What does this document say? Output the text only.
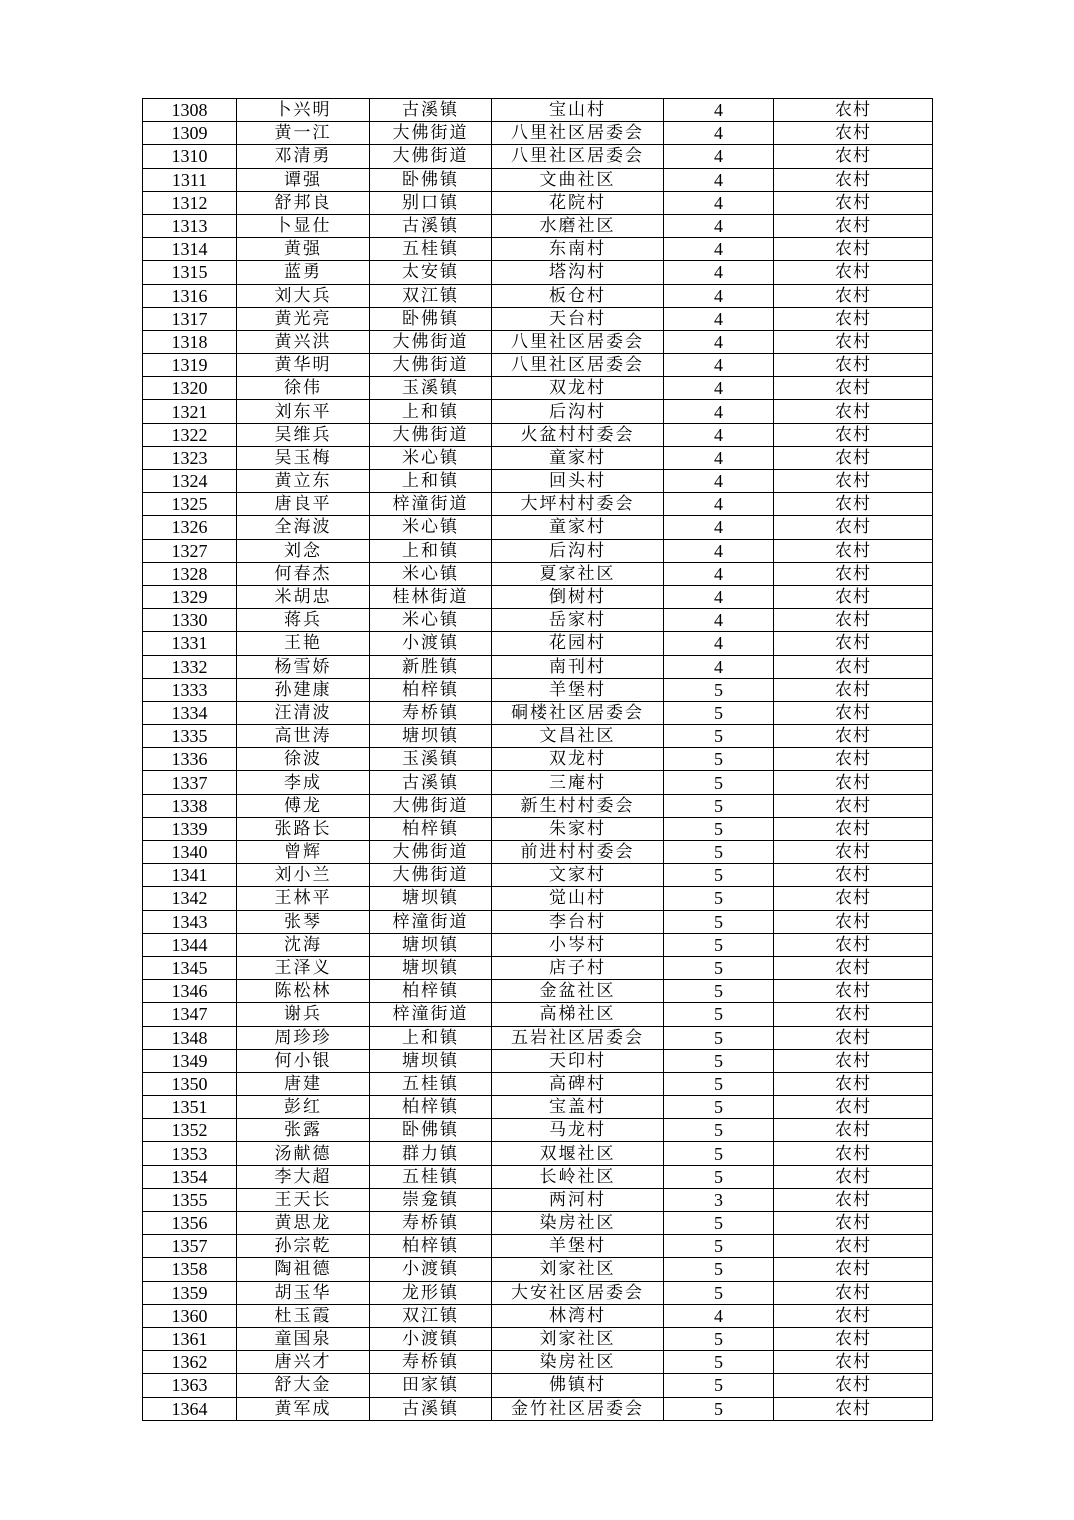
1308	卜兴明	古溪镇	宝山村	4	农村
1309	黄一江	大佛街道	八里社区居委会	4	农村
1310	邓清勇	大佛街道	八里社区居委会	4	农村
1311	谭强	卧佛镇	文曲社区	4	农村
1312	舒邦良	别口镇	花院村	4	农村
1313	卜显仕	古溪镇	水磨社区	4	农村
1314	黄强	五桂镇	东南村	4	农村
1315	蓝勇	太安镇	塔沟村	4	农村
1316	刘大兵	双江镇	板仓村	4	农村
1317	黄光亮	卧佛镇	天台村	4	农村
1318	黄兴洪	大佛街道	八里社区居委会	4	农村
1319	黄华明	大佛街道	八里社区居委会	4	农村
1320	徐伟	玉溪镇	双龙村	4	农村
1321	刘东平	上和镇	后沟村	4	农村
1322	吴维兵	大佛街道	火盆村村委会	4	农村
1323	吴玉梅	米心镇	童家村	4	农村
1324	黄立东	上和镇	回头村	4	农村
1325	唐良平	梓潼街道	大坪村村委会	4	农村
1326	全海波	米心镇	童家村	4	农村
1327	刘念	上和镇	后沟村	4	农村
1328	何春杰	米心镇	夏家社区	4	农村
1329	米胡忠	桂林街道	倒树村	4	农村
1330	蒋兵	米心镇	岳家村	4	农村
1331	王艳	小渡镇	花园村	4	农村
1332	杨雪娇	新胜镇	南刊村	4	农村
1333	孙建康	柏梓镇	羊堡村	5	农村
1334	汪清波	寿桥镇	硐楼社区居委会	5	农村
1335	高世涛	塘坝镇	文昌社区	5	农村
1336	徐波	玉溪镇	双龙村	5	农村
1337	李成	古溪镇	三庵村	5	农村
1338	傅龙	大佛街道	新生村村委会	5	农村
1339	张路长	柏梓镇	朱家村	5	农村
1340	曾辉	大佛街道	前进村村委会	5	农村
1341	刘小兰	大佛街道	文家村	5	农村
1342	王林平	塘坝镇	觉山村	5	农村
1343	张琴	梓潼街道	李台村	5	农村
1344	沈海	塘坝镇	小岑村	5	农村
1345	王泽义	塘坝镇	店子村	5	农村
1346	陈松林	柏梓镇	金盆社区	5	农村
1347	谢兵	梓潼街道	高梯社区	5	农村
1348	周珍珍	上和镇	五岩社区居委会	5	农村
1349	何小银	塘坝镇	天印村	5	农村
1350	唐建	五桂镇	高碑村	5	农村
1351	彭红	柏梓镇	宝盖村	5	农村
1352	张露	卧佛镇	马龙村	5	农村
1353	汤献德	群力镇	双堰社区	5	农村
1354	李大超	五桂镇	长岭社区	5	农村
1355	王天长	崇龛镇	两河村	3	农村
1356	黄思龙	寿桥镇	染房社区	5	农村
1357	孙宗乾	柏梓镇	羊堡村	5	农村
1358	陶祖德	小渡镇	刘家社区	5	农村
1359	胡玉华	龙形镇	大安社区居委会	5	农村
1360	杜玉霞	双江镇	林湾村	4	农村
1361	童国泉	小渡镇	刘家社区	5	农村
1362	唐兴才	寿桥镇	染房社区	5	农村
1363	舒大金	田家镇	佛镇村	5	农村
1364	黄军成	古溪镇	金竹社区居委会	5	农村
